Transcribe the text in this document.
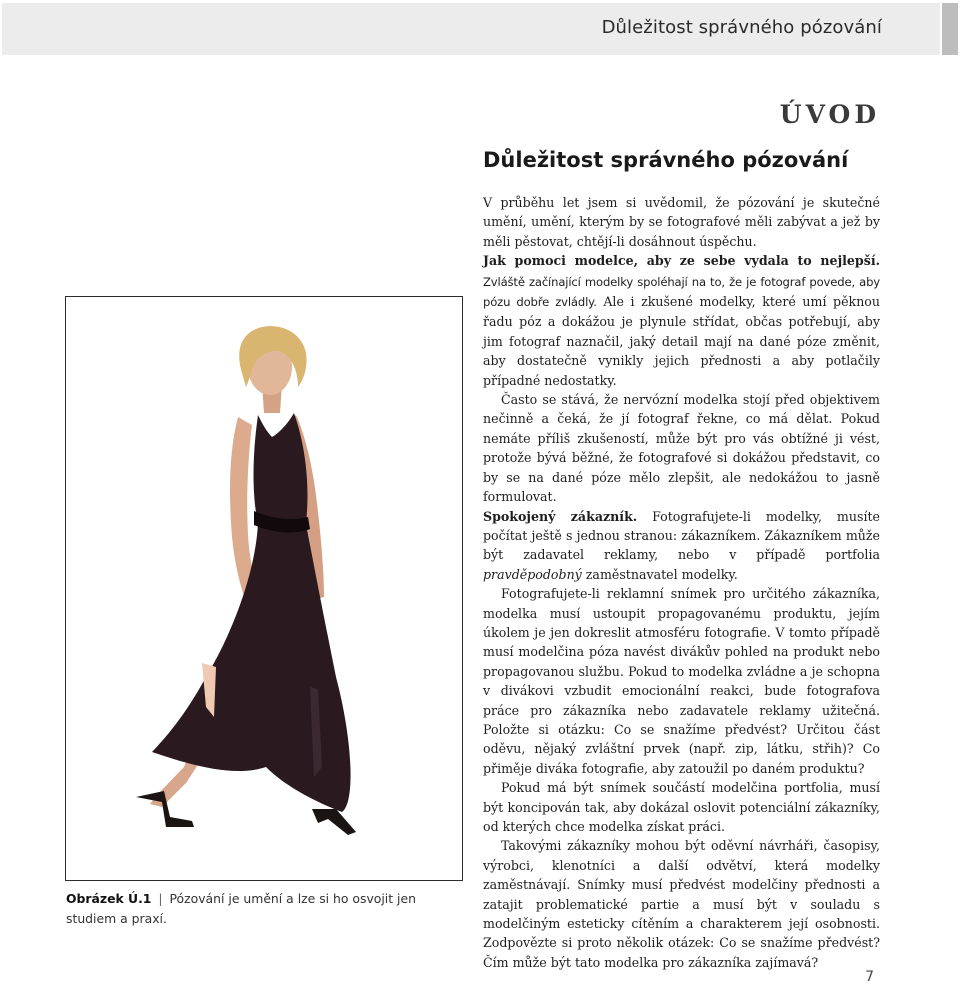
Důležitost správného pózování
ÚVOD
Důležitost správného pózování

V průběhu let jsem si uvědomil, že pózování je skutečné umění, umění, kterým by se fotografové měli zabývat a jež by měli pěstovat, chtějí-li dosáhnout úspěchu.

Jak pomoci modelce, aby ze sebe vydala to nejlepší. Zvláště začínající modelky spoléhají na to, že je fotograf povede, aby pózu dobře zvládly. Ale i zkušené modelky, které umí pěknou řadu póz a dokážou je plynule střídat, občas potřebují, aby jim fotograf naznačil, jaký detail mají na dané póze změnit, aby dostatečně vynikly jejich přednosti a aby potlačily případné nedostatky.

Často se stává, že nervózní modelka stojí před objektivem nečinně a čeká, že jí fotograf řekne, co má dělat. Pokud nemáte příliš zkušeností, může být pro vás obtížné ji vést, protože bývá běžné, že fotografové si dokážou představit, co by se na dané póze mělo zlepšit, ale nedokážou to jasně formulovat.

Spokojený zákazník. Fotografujete-li modelky, musíte počítat ještě s jednou stranou: zákazníkem. Zákazníkem může být zadavatel reklamy, nebo v případě portfolia pravděpodobný zaměstnavatel modelky.

Fotografujete-li reklamní snímek pro určitého zákazníka, modelka musí ustoupit propagovanému produktu, jejím úkolem je jen dokreslit atmosféru fotografie. V tomto případě musí modelčina póza navést divákův pohled na produkt nebo propagovanou službu. Pokud to modelka zvládne a je schopna v divákovi vzbudit emocionální reakci, bude fotografova práce pro zákazníka nebo zadavatele reklamy užitečná. Položte si otázku: Co se snažíme předvést? Určitou část oděvu, nějaký zvláštní prvek (např. zip, látku, střih)? Co přiměje diváka fotografie, aby zatoužil po daném produktu?

Pokud má být snímek součástí modelčina portfolia, musí být koncipován tak, aby dokázal oslovit potenciální zákazníky, od kterých chce modelka získat práci.

Takovými zákazníky mohou být oděvní návrháři, časopisy, výrobci, klenotníci a další odvětví, která modelky zaměstnávají. Snímky musí předvést modelčiny přednosti a zatajit problematické partie a musí být v souladu s modelčiným esteticky cítěním a charakterem její osobnosti. Zodpovězte si proto několik otázek: Co se snažíme předvést? Čím může být tato modelka pro zákazníka zajímavá?

Obrázek Ú.1 | Pózování je umění a lze si ho osvojit jen studiem a praxí.
7
